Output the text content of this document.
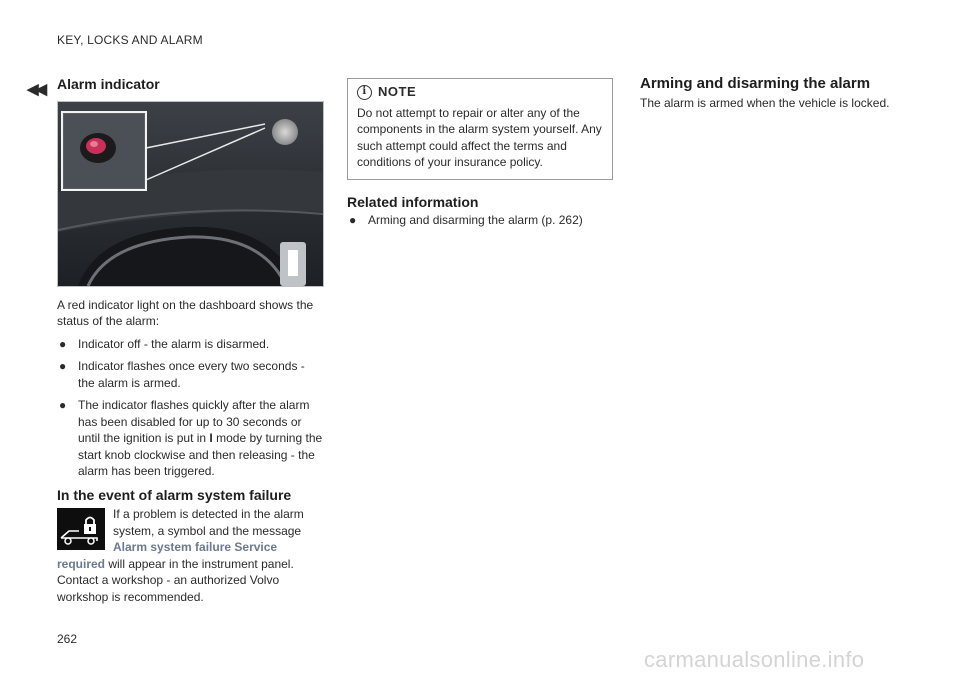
KEY, LOCKS AND ALARM
◀◀ Alarm indicator

A red indicator light on the dashboard shows the status of the alarm:

● Indicator off - the alarm is disarmed.
● Indicator flashes once every two seconds - the alarm is armed.
● The indicator flashes quickly after the alarm has been disabled for up to 30 seconds or until the ignition is put in I mode by turning the start knob clockwise and then releasing - the alarm has been triggered.
In the event of alarm system failure
If a problem is detected in the alarm system, a symbol and the message Alarm system failure Service required will appear in the instrument panel. Contact a workshop - an authorized Volvo workshop is recommended.
i NOTE

Do not attempt to repair or alter any of the components in the alarm system yourself. Any such attempt could affect the terms and conditions of your insurance policy.

Related information
● Arming and disarming the alarm (p. 262)
Arming and disarming the alarm

The alarm is armed when the vehicle is locked.

262
carmanualsonline.info
